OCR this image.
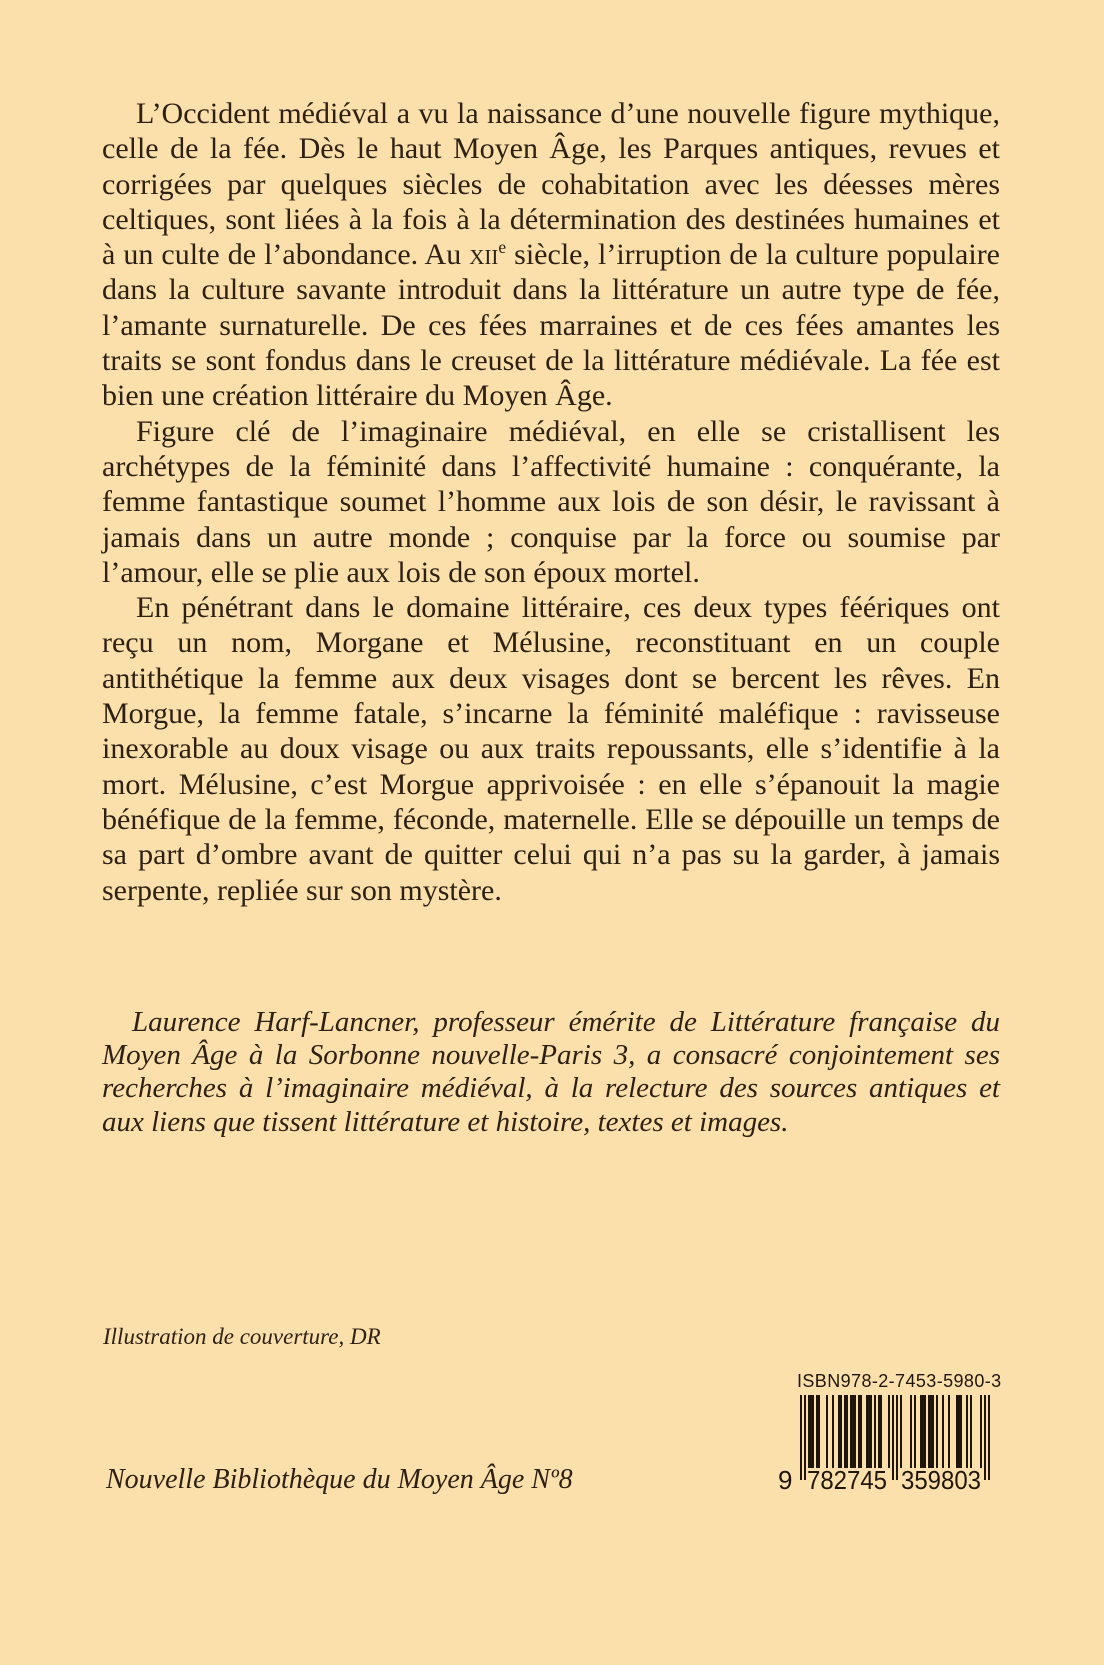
L’Occident médiéval a vu la naissance d’une nouvelle figure mythique, celle de la fée. Dès le haut Moyen Âge, les Parques antiques, revues et corrigées par quelques siècles de cohabitation avec les déesses mères celtiques, sont liées à la fois à la détermination des destinées humaines et à un culte de l’abondance. Au xii$^e$ siècle, l’irruption de la culture populaire dans la culture savante introduit dans la littérature un autre type de fée, l’amante surnaturelle. De ces fées marraines et de ces fées amantes les traits se sont fondus dans le creuset de la littérature médiévale. La fée est bien une création littéraire du Moyen Âge.

Figure clé de l’imaginaire médiéval, en elle se cristallisent les archétypes de la féminité dans l’affectivité humaine : conquérante, la femme fantastique soumet l’homme aux lois de son désir, le ravissant à jamais dans un autre monde ; conquise par la force ou soumise par l’amour, elle se plie aux lois de son époux mortel.

En pénétrant dans le domaine littéraire, ces deux types féériques ont reçu un nom, Morgane et Mélusine, reconstituant en un couple antithétique la femme aux deux visages dont se bercent les rêves. En Morgue, la femme fatale, s’incarne la féminité maléfique : ravisseuse inexorable au doux visage ou aux traits repoussants, elle s’identifie à la mort. Mélusine, c’est Morgue apprivoisée : en elle s’épanouit la magie bénéfique de la femme, féconde, maternelle. Elle se dépouille un temps de sa part d’ombre avant de quitter celui qui n’a pas su la garder, à jamais serpente, repliée sur son mystère.

Laurence Harf-Lancner, professeur émérite de Littérature française du Moyen Âge à la Sorbonne nouvelle-Paris 3, a consacré conjointement ses recherches à l’imaginaire médiéval, à la relecture des sources antiques et aux liens que tissent littérature et histoire, textes et images.

Illustration de couverture, DR
Nouvelle Bibliothèque du Moyen Âge Nº8
ISBN 978-2-7453-5980-3
9 782745 359803
